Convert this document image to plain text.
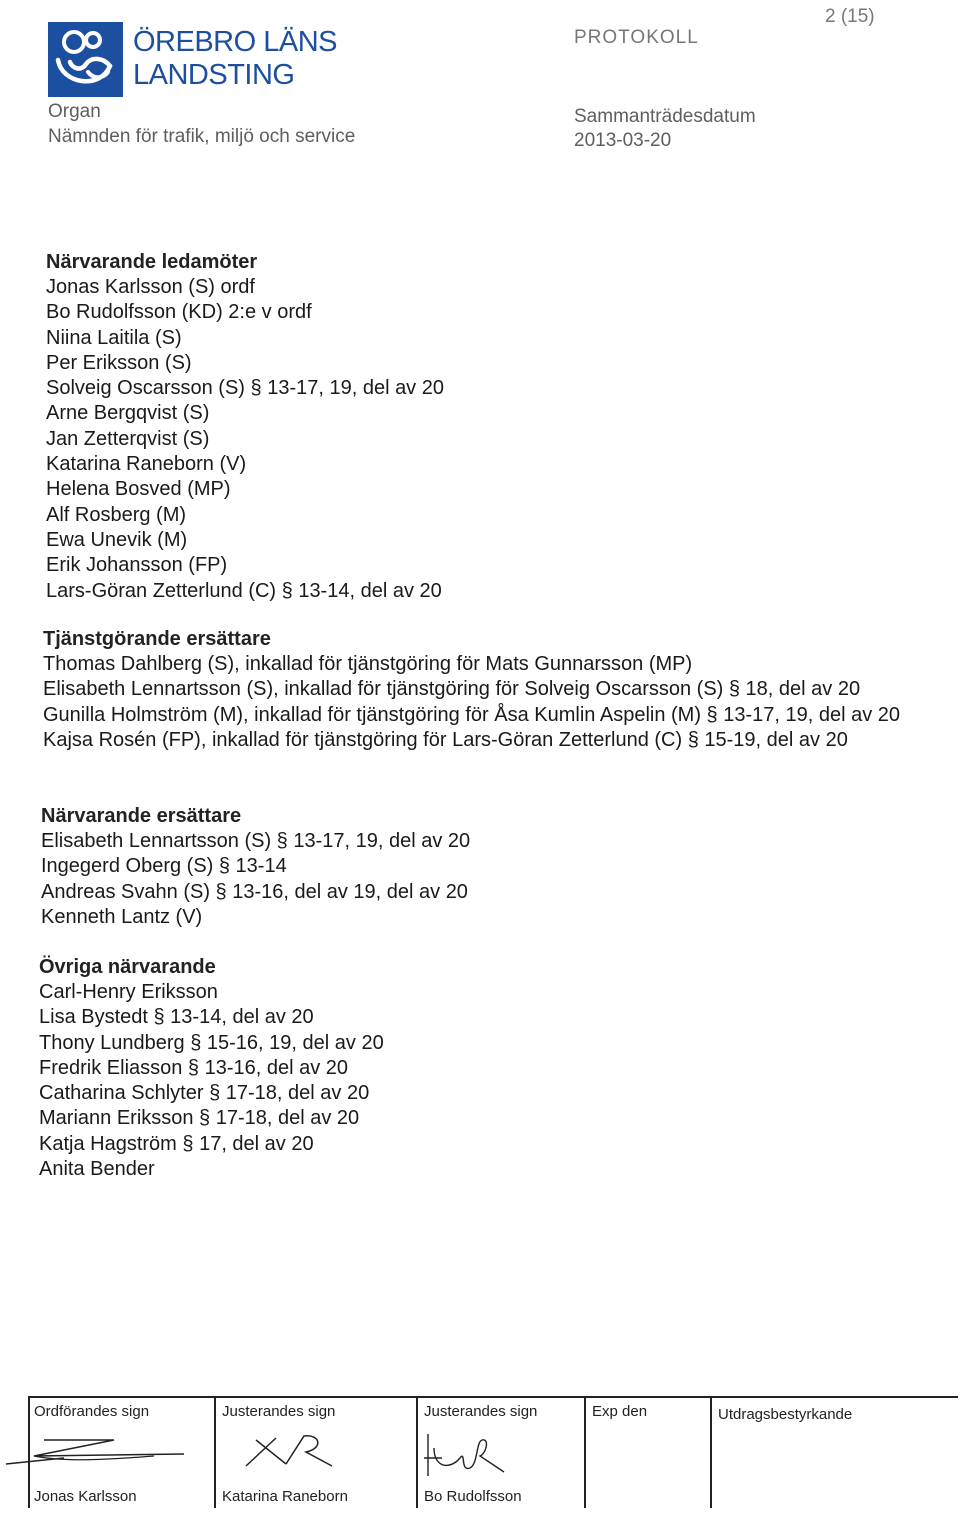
ÖREBRO LÄNS
LANDSTING
Organ
Nämnden för trafik, miljö och service
PROTOKOLL
2 (15)
Sammanträdesdatum
2013-03-20
Närvarande ledamöter
Jonas Karlsson (S) ordf
Bo Rudolfsson (KD) 2:e v ordf
Niina Laitila (S)
Per Eriksson (S)
Solveig Oscarsson (S) § 13-17, 19, del av 20
Arne Bergqvist (S)
Jan Zetterqvist (S)
Katarina Raneborn (V)
Helena Bosved (MP)
Alf Rosberg (M)
Ewa Unevik (M)
Erik Johansson (FP)
Lars-Göran Zetterlund (C) § 13-14, del av 20
Tjänstgörande ersättare
Thomas Dahlberg (S), inkallad för tjänstgöring för Mats Gunnarsson (MP)
Elisabeth Lennartsson (S), inkallad för tjänstgöring för Solveig Oscarsson (S) § 18, del av 20
Gunilla Holmström (M), inkallad för tjänstgöring för Åsa Kumlin Aspelin (M) § 13-17, 19, del av 20
Kajsa Rosén (FP), inkallad för tjänstgöring för Lars-Göran Zetterlund (C) § 15-19, del av 20
Närvarande ersättare
Elisabeth Lennartsson (S) § 13-17, 19, del av 20
Ingegerd Oberg (S) § 13-14
Andreas Svahn (S) § 13-16, del av 19, del av 20
Kenneth Lantz (V)
Övriga närvarande
Carl-Henry Eriksson
Lisa Bystedt § 13-14, del av 20
Thony Lundberg § 15-16, 19, del av 20
Fredrik Eliasson § 13-16, del av 20
Catharina Schlyter § 17-18, del av 20
Mariann Eriksson § 17-18, del av 20
Katja Hagström § 17, del av 20
Anita Bender
Ordförandes sign
Jonas Karlsson
Justerandes sign
Katarina Raneborn
Justerandes sign
Bo Rudolfsson
Exp den	Utdragsbestyrkande
